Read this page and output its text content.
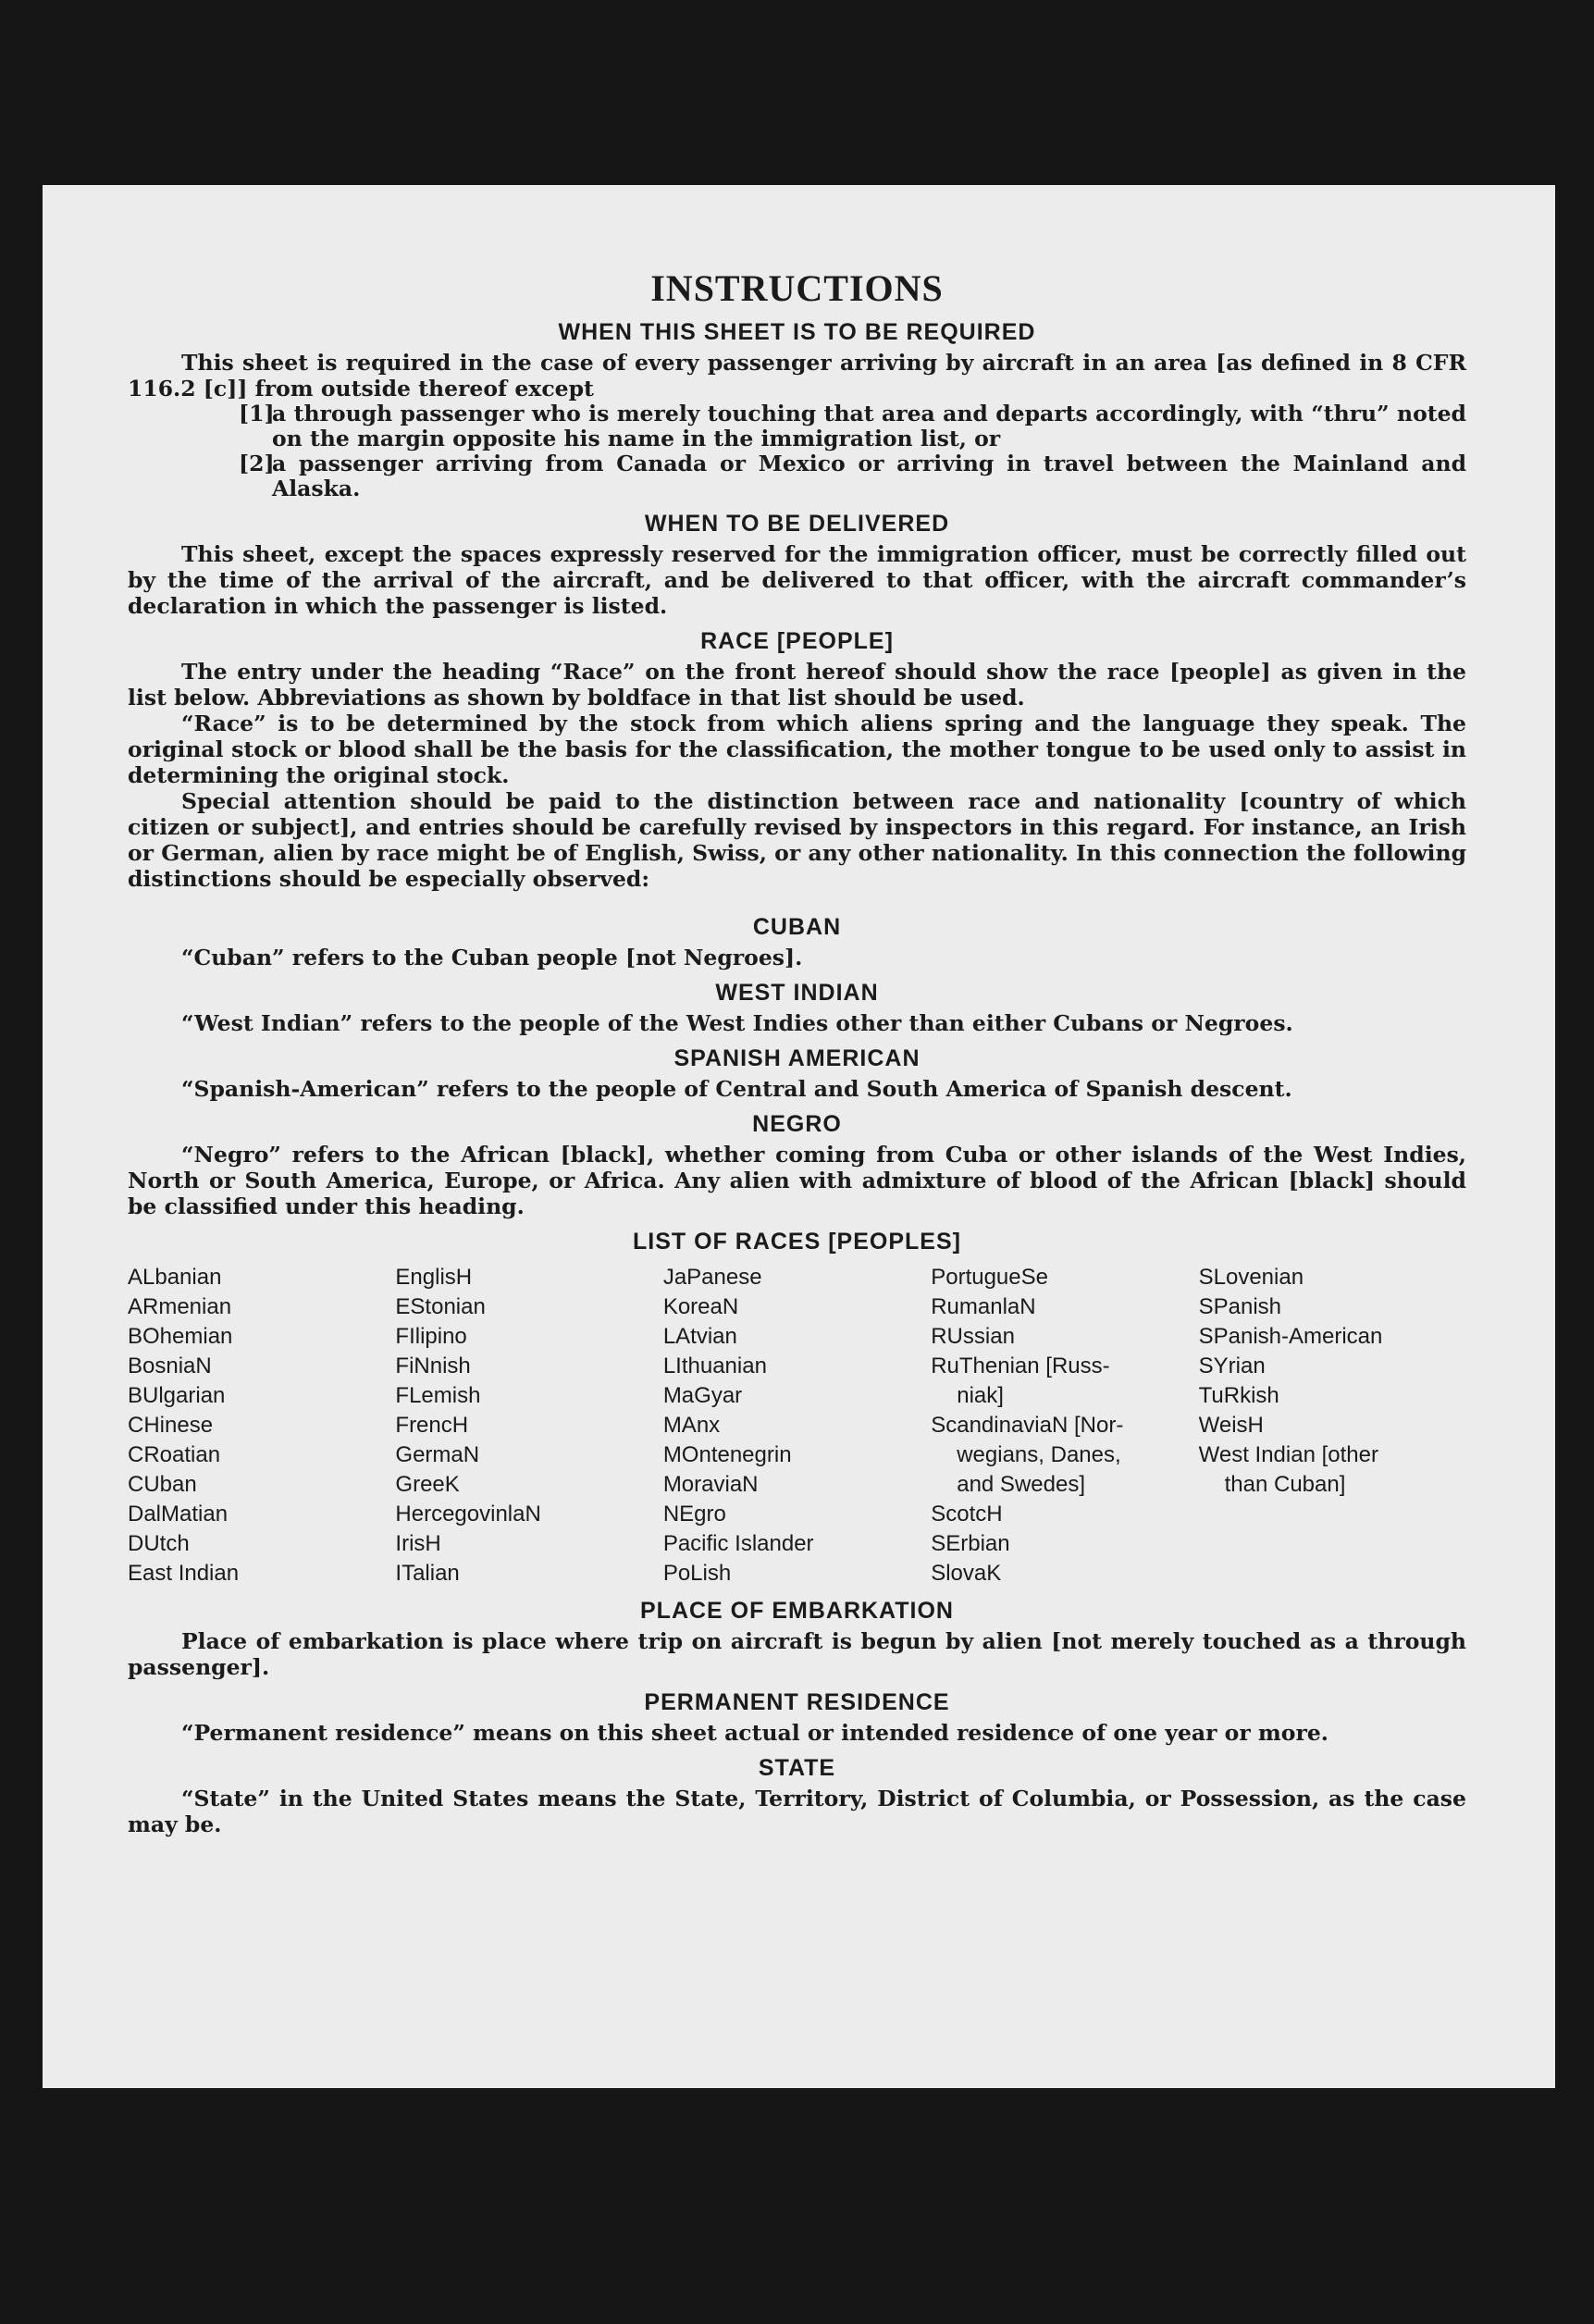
INSTRUCTIONS
WHEN THIS SHEET IS TO BE REQUIRED

This sheet is required in the case of every passenger arriving by aircraft in an area [as defined in 8 CFR 116.2 [c]] from outside thereof except

[1]
a through passenger who is merely touching that area and departs accordingly, with “thru” noted on the margin opposite his name in the immigration list, or
[2]
a passenger arriving from Canada or Mexico or arriving in travel between the Mainland and Alaska.
WHEN TO BE DELIVERED

This sheet, except the spaces expressly reserved for the immigration officer, must be correctly filled out by the time of the arrival of the aircraft, and be delivered to that officer, with the aircraft commander’s declaration in which the passenger is listed.

RACE [PEOPLE]

The entry under the heading “Race” on the front hereof should show the race [people] as given in the list below. Abbreviations as shown by boldface in that list should be used.

“Race” is to be determined by the stock from which aliens spring and the language they speak. The original stock or blood shall be the basis for the classification, the mother tongue to be used only to assist in determining the original stock.

Special attention should be paid to the distinction between race and nationality [country of which citizen or subject], and entries should be carefully revised by inspectors in this regard. For instance, an Irish or German, alien by race might be of English, Swiss, or any other nationality. In this connection the following distinctions should be especially observed:

CUBAN

“Cuban” refers to the Cuban people [not Negroes].

WEST INDIAN

“West Indian” refers to the people of the West Indies other than either Cubans or Negroes.

SPANISH AMERICAN

“Spanish-American” refers to the people of Central and South America of Spanish descent.

NEGRO

“Negro” refers to the African [black], whether coming from Cuba or other islands of the West Indies, North or South America, Europe, or Africa. Any alien with admixture of blood of the African [black] should be classified under this heading.

LIST OF RACES [PEOPLES]
ALbanian
ARmenian
BOhemian
BosniaN
BUlgarian
CHinese
CRoatian
CUban
DalMatian
DUtch
East Indian
EnglisH
EStonian
FIlipino
FiNnish
FLemish
FrencH
GermaN
GreeK
HercegovinlaN
IrisH
ITalian
JaPanese
KoreaN
LAtvian
LIthuanian
MaGyar
MAnx
MOntenegrin
MoraviaN
NEgro
Pacific Islander
PoLish
PortugueSe
RumanlaN
RUssian
RuThenian [Russ-
niak]
ScandinaviaN [Nor-
wegians, Danes,
and Swedes]
ScotcH
SErbian
SlovaK
SLovenian
SPanish
SPanish-American
SYrian
TuRkish
WeisH
West Indian [other
than Cuban]
PLACE OF EMBARKATION

Place of embarkation is place where trip on aircraft is begun by alien [not merely touched as a through passenger].

PERMANENT RESIDENCE

“Permanent residence” means on this sheet actual or intended residence of one year or more.

STATE

“State” in the United States means the State, Territory, District of Columbia, or Possession, as the case may be.
